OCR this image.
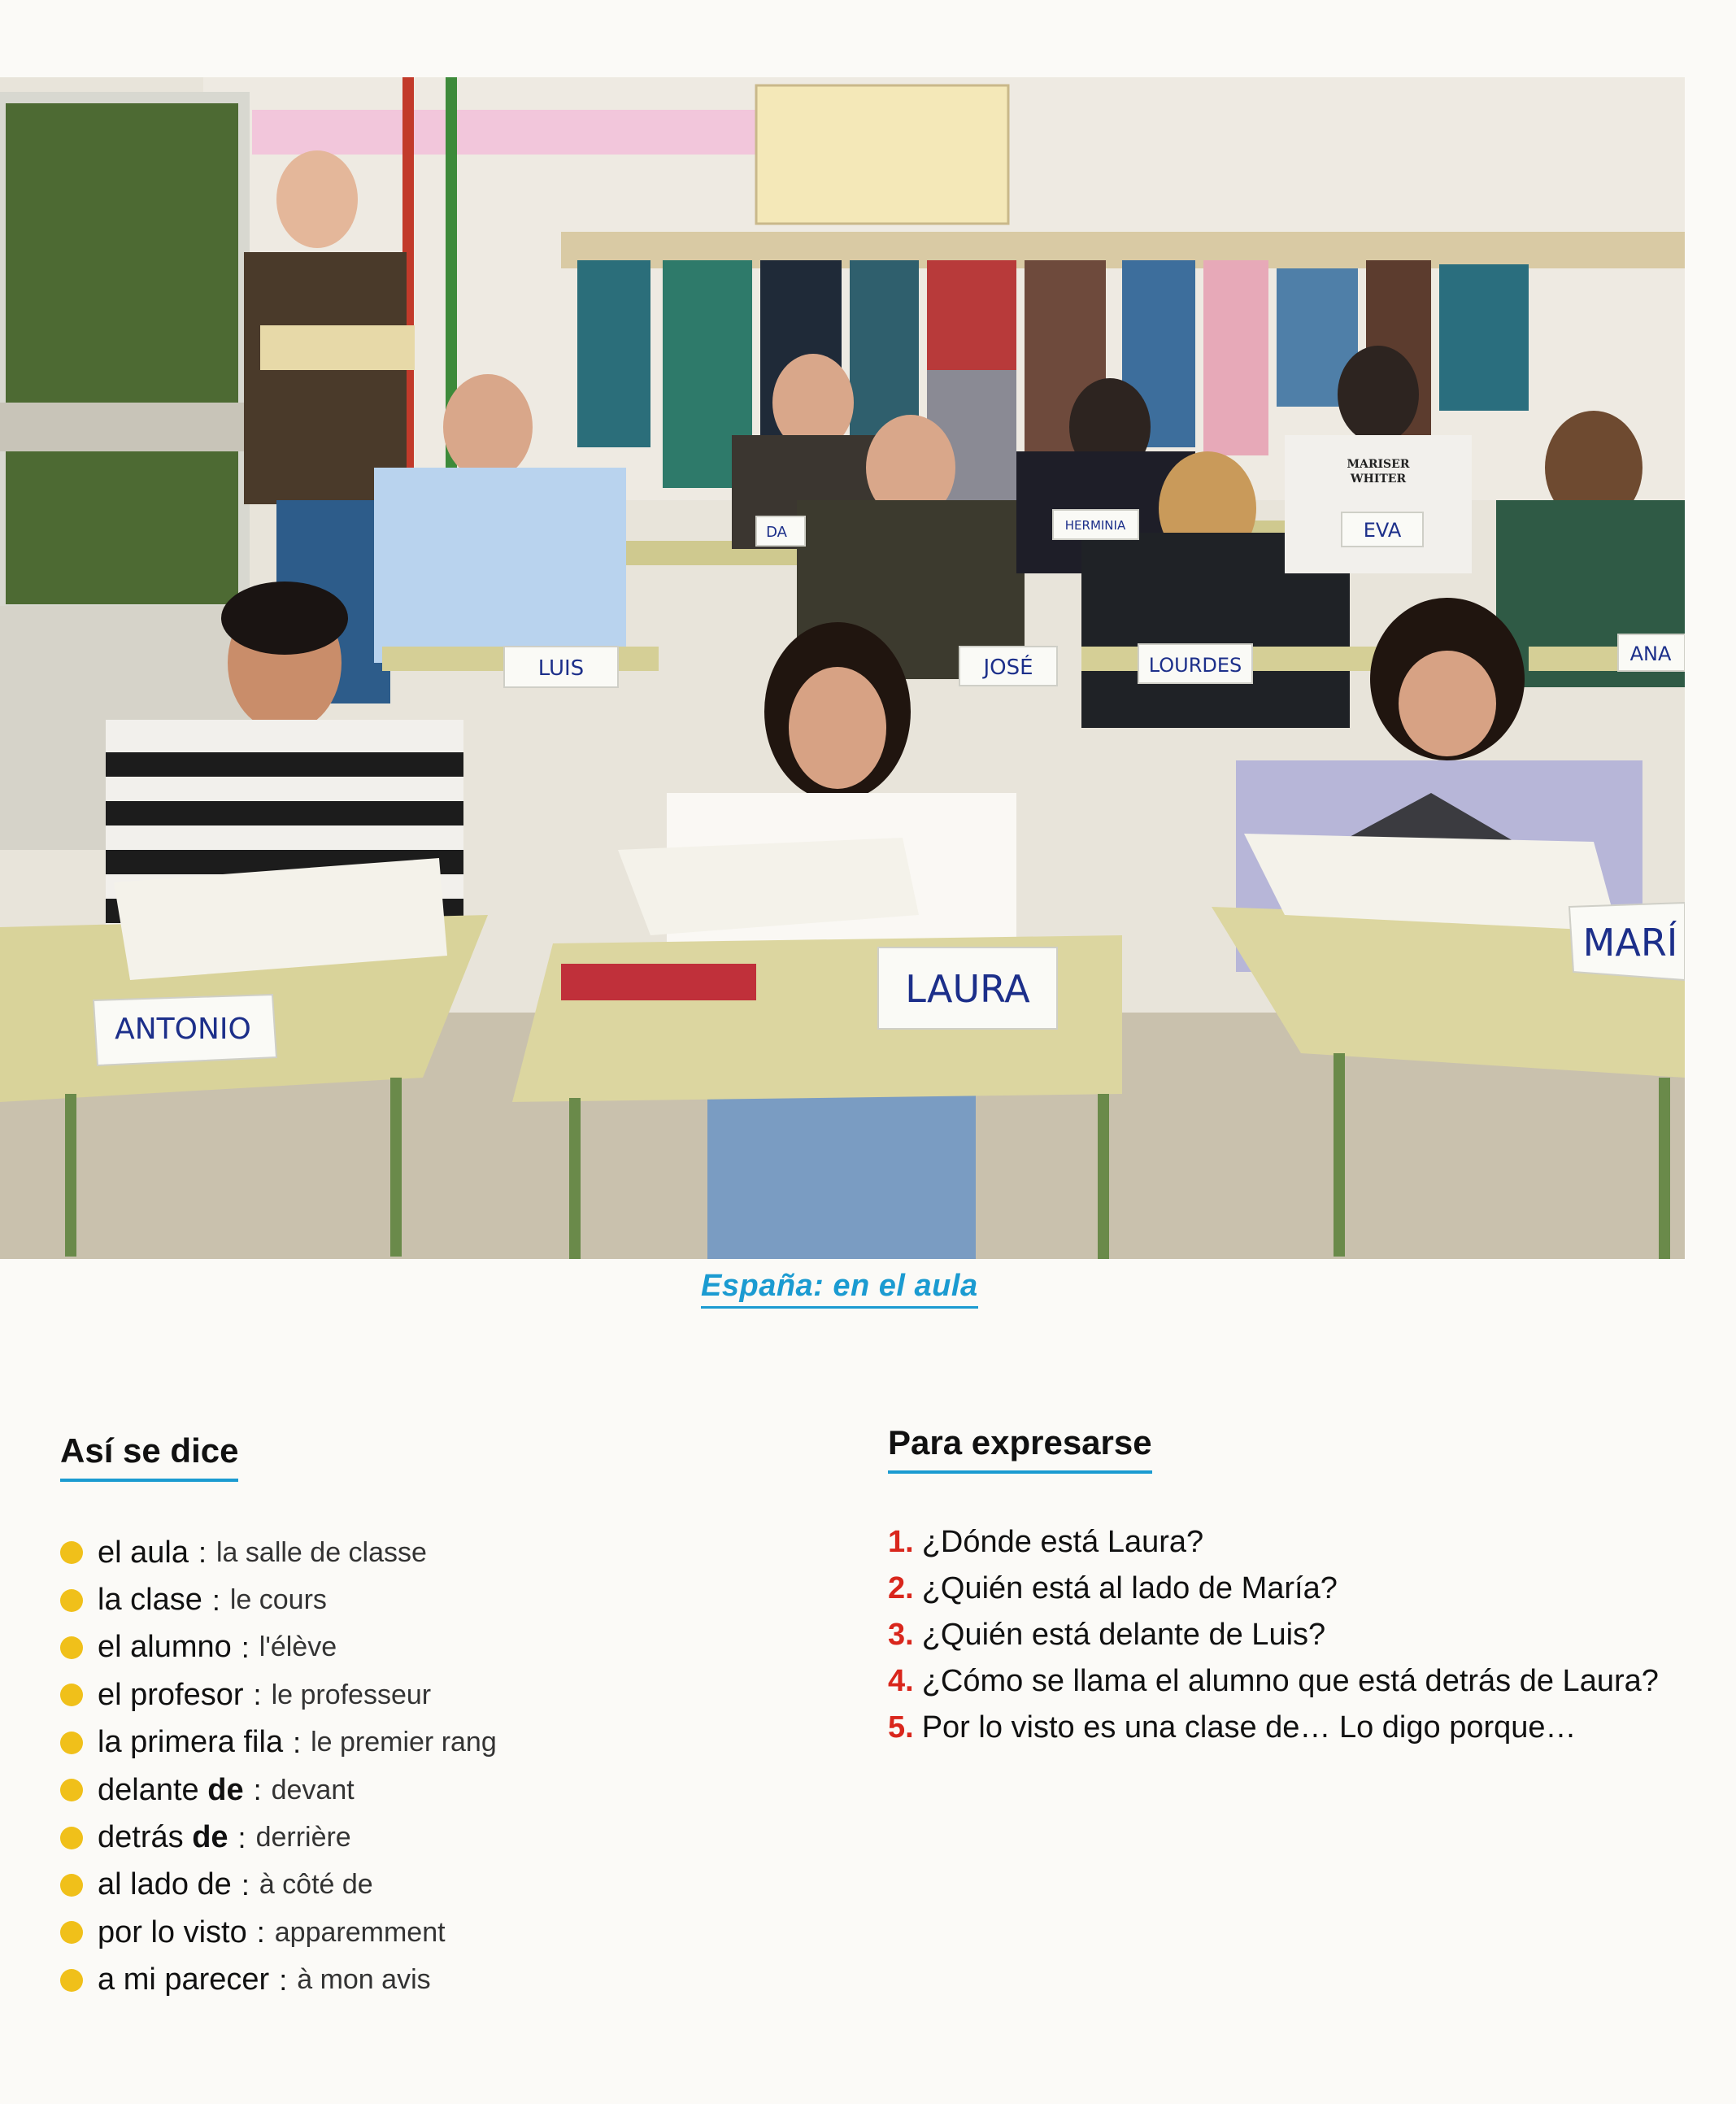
ANTONIO
LAURA
MARÍ
LUIS	JOSÉ	LOURDES	ANA
EVA
HERMINIA
DA
MARISER
WHITER
España: en el aula
Así se dice
el aula : la salle de classe
la clase : le cours
el alumno : l'élève
el profesor : le professeur
la primera fila : le premier rang
delante de : devant
detrás de : derrière
al lado de : à côté de
por lo visto : apparemment
a mi parecer : à mon avis
Para expresarse
1. ¿Dónde está Laura?
2. ¿Quién está al lado de María?
3. ¿Quién está delante de Luis?
4. ¿Cómo se llama el alumno que está detrás de Laura?
5. Por lo visto es una clase de… Lo digo porque…
